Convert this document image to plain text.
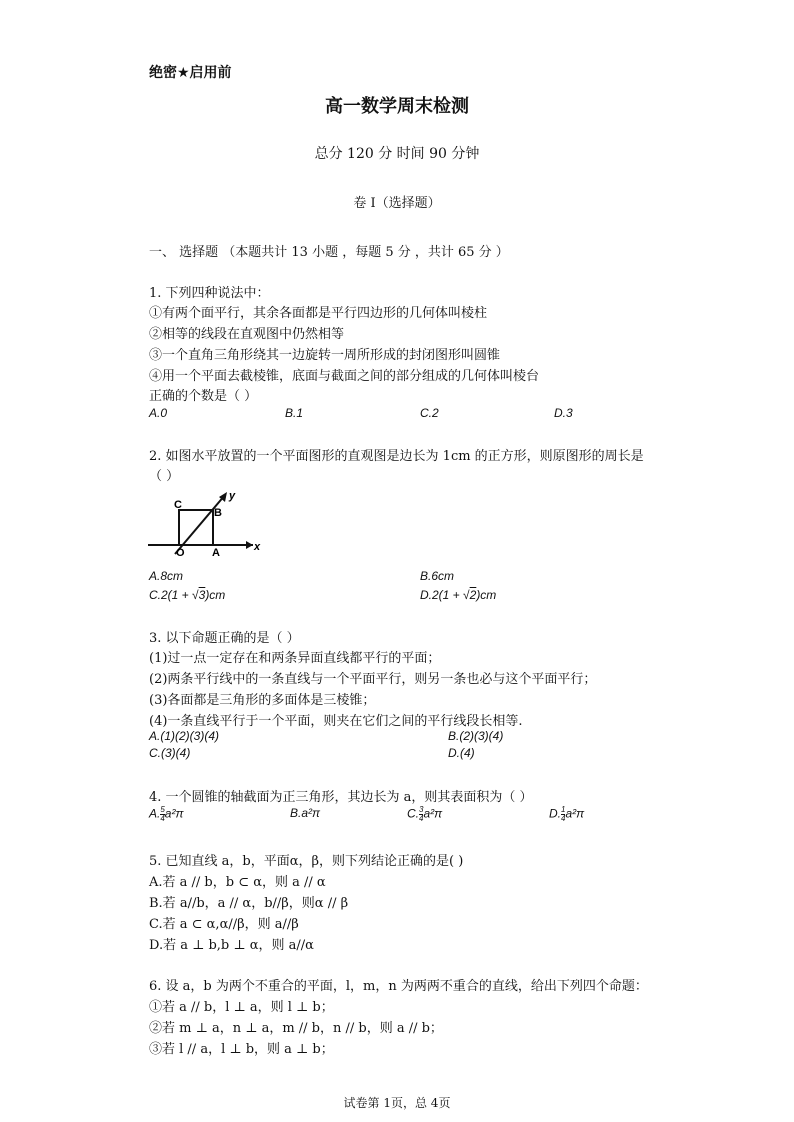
绝密★启用前
高一数学周末检测
总分 120 分 时间 90 分钟
卷 I（选择题）
一、 选择题 （本题共计 13 小题 ，每题 5 分 ，共计 65 分 ）
1. 下列四种说法中：
①有两个面平行，其余各面都是平行四边形的几何体叫棱柱
②相等的线段在直观图中仍然相等
③一个直角三角形绕其一边旋转一周所形成的封闭图形叫圆锥
④用一个平面去截棱锥，底面与截面之间的部分组成的几何体叫棱台
正确的个数是（ ）
A.0	B.1	C.2	D.3
2. 如图水平放置的一个平面图形的直观图是边长为 1cm 的正方形，则原图形的周长是
（ ）
C
B
O A	x
y
A.8cm	B.6cm
C.2(1 + √3)cm	D.2(1 + √2)cm
3. 以下命题正确的是（ ）
(1)过一点一定存在和两条异面直线都平行的平面；
(2)两条平行线中的一条直线与一个平面平行，则另一条也必与这个平面平行；
(3)各面都是三角形的多面体是三棱锥；
(4)一条直线平行于一个平面，则夹在它们之间的平行线段长相等.
A.(1)(2)(3)(4)	B.(2)(3)(4)
C.(3)(4)	D.(4)
4. 一个圆锥的轴截面为正三角形，其边长为 a，则其表面积为（ ）
A. $\frac{5}{4} a^2\pi$	B.a²π	C. $\frac{3}{4} a^2\pi$	D. $\frac{1}{4} a^2\pi$
5. 已知直线 a，b，平面α，β，则下列结论正确的是( )
A.若 a // b，b ⊂ α，则 a // α
B.若 a//b，a // α，b//β，则α // β
C.若 a ⊂ α,α//β，则 a//β
D.若 a ⊥ b,b ⊥ α，则 a//α
6. 设 a，b 为两个不重合的平面，l，m，n 为两两不重合的直线，给出下列四个命题：
①若 a // b，l ⊥ a，则 l ⊥ b；
②若 m ⊥ a，n ⊥ a，m // b，n // b，则 a // b；
③若 l // a，l ⊥ b，则 a ⊥ b；
试卷第 1页，总 4页
